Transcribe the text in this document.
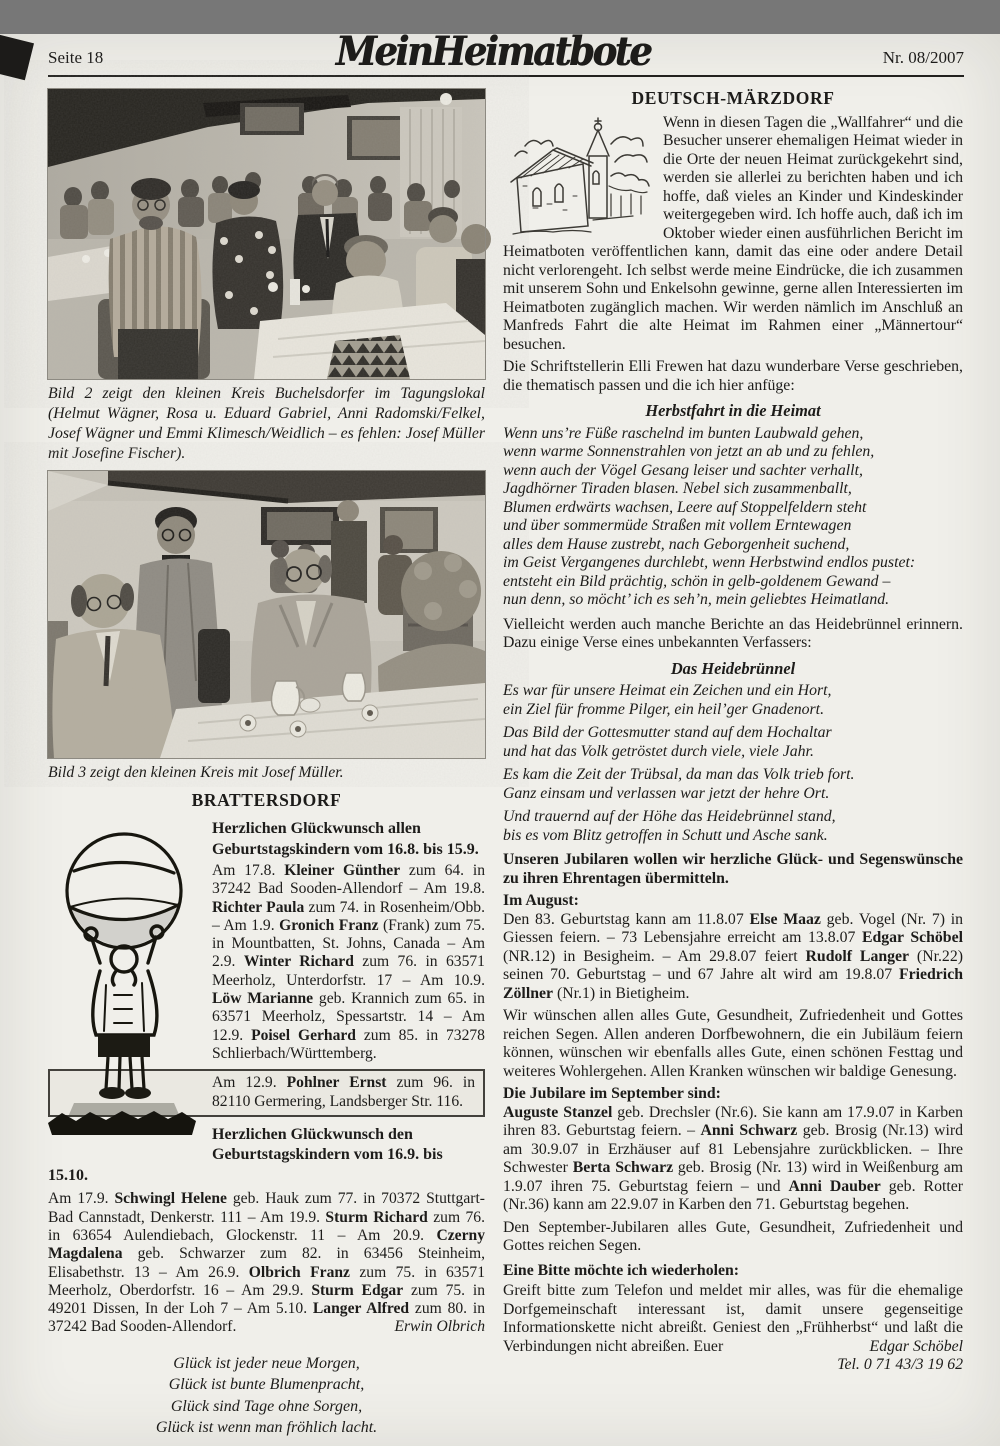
Seite 18	MeinHeimatbote	Nr. 08/2007

Bild 2 zeigt den kleinen Kreis Buchelsdorfer im Tagungslokal (Helmut Wägner, Rosa u. Eduard Gabriel, Anni Radomski/Felkel, Josef Wägner und Emmi Klimesch/Weidlich – es fehlen: Josef Müller mit Josefine Fischer).

Bild 3 zeigt den kleinen Kreis mit Josef Müller.

BRATTERSDORF

Herzlichen Glückwunsch allen Geburtstagskindern vom 16.8. bis 15.9.

Am 17.8. Kleiner Günther zum 64. in 37242 Bad Sooden-Allendorf – Am 19.8. Richter Paula zum 74. in Rosenheim/Obb. – Am 1.9. Gronich Franz (Frank) zum 75. in Mountbatten, St. Johns, Canada – Am 2.9. Winter Richard zum 76. in 63571 Meerholz, Unterdorfstr. 17 – Am 10.9. Löw Marianne geb. Krannich zum 65. in 63571 Meerholz, Spessartstr. 14 – Am 12.9. Poisel Gerhard zum 85. in 73278 Schlierbach/Württemberg.

Am 12.9. Pohlner Ernst zum 96. in 82110 Germering, Landsberger Str. 116.

Herzlichen Glückwunsch den Geburtstagskindern vom 16.9. bis 15.10.

Am 17.9. Schwingl Helene geb. Hauk zum 77. in 70372 Stuttgart-Bad Cannstadt, Denkerstr. 111 – Am 19.9. Sturm Richard zum 76. in 63654 Aulendiebach, Glockenstr. 11 – Am 20.9. Czerny Magdalena geb. Schwarzer zum 82. in 63456 Steinheim, Elisabethstr. 13 – Am 26.9. Olbrich Franz zum 75. in 63571 Meerholz, Oberdorfstr. 16 – Am 29.9. Sturm Edgar zum 75. in 49201 Dissen, In der Loh 7 – Am 5.10. Langer Alfred zum 80. in 37242 Bad Sooden-Allendorf.	Erwin Olbrich
Glück ist jeder neue Morgen,
Glück ist bunte Blumenpracht,
Glück sind Tage ohne Sorgen,
Glück ist wenn man fröhlich lacht.
DEUTSCH-MÄRZDORF

Wenn in diesen Tagen die „Wallfahrer“ und die Besucher unserer ehemaligen Heimat wieder in die Orte der neuen Heimat zurückgekehrt sind, werden sie allerlei zu berichten haben und ich hoffe, daß vieles an Kinder und Kindeskinder weitergegeben wird. Ich hoffe auch, daß ich im Oktober wieder einen ausführlichen Bericht im Heimatboten veröffentlichen kann, damit das eine oder andere Detail nicht verlorengeht. Ich selbst werde meine Eindrücke, die ich zusammen mit unserem Sohn und Enkelsohn gewinne, gerne allen Interessierten im Heimatboten zugänglich machen. Wir werden nämlich im Anschluß an Manfreds Fahrt die alte Heimat im Rahmen einer „Männertour“ besuchen.

Die Schriftstellerin Elli Frewen hat dazu wunderbare Verse geschrieben, die thematisch passen und die ich hier anfüge:

Herbstfahrt in die Heimat
Wenn uns’re Füße raschelnd im bunten Laubwald gehen,
wenn warme Sonnenstrahlen von jetzt an ab und zu fehlen,
wenn auch der Vögel Gesang leiser und sachter verhallt,
Jagdhörner Tiraden blasen. Nebel sich zusammenballt,
Blumen erdwärts wachsen, Leere auf Stoppelfeldern steht
und über sommermüde Straßen mit vollem Erntewagen
alles dem Hause zustrebt, nach Geborgenheit suchend,
im Geist Vergangenes durchlebt, wenn Herbstwind endlos pustet:
entsteht ein Bild prächtig, schön in gelb-goldenem Gewand –
nun denn, so möcht’ ich es seh’n, mein geliebtes Heimatland.

Vielleicht werden auch manche Berichte an das Heidebrünnel erinnern. Dazu einige Verse eines unbekannten Verfassers:

Das Heidebrünnel
Es war für unsere Heimat ein Zeichen und ein Hort,
ein Ziel für fromme Pilger, ein heil’ger Gnadenort.
Das Bild der Gottesmutter stand auf dem Hochaltar
und hat das Volk getröstet durch viele, viele Jahr.
Es kam die Zeit der Trübsal, da man das Volk trieb fort.
Ganz einsam und verlassen war jetzt der hehre Ort.
Und trauernd auf der Höhe das Heidebrünnel stand,
bis es vom Blitz getroffen in Schutt und Asche sank.

Unseren Jubilaren wollen wir herzliche Glück- und Segenswünsche zu ihren Ehrentagen übermitteln.

Im August:

Den 83. Geburtstag kann am 11.8.07 Else Maaz geb. Vogel (Nr. 7) in Giessen feiern. – 73 Lebensjahre erreicht am 13.8.07 Edgar Schöbel (NR.12) in Besigheim. – Am 29.8.07 feiert Rudolf Langer (Nr.22) seinen 70. Geburtstag – und 67 Jahre alt wird am 19.8.07 Friedrich Zöllner (Nr.1) in Bietigheim.

Wir wünschen allen alles Gute, Gesundheit, Zufriedenheit und Gottes reichen Segen. Allen anderen Dorfbewohnern, die ein Jubiläum feiern können, wünschen wir ebenfalls alles Gute, einen schönen Festtag und weiteres Wohlergehen. Allen Kranken wünschen wir baldige Genesung.

Die Jubilare im September sind:

Auguste Stanzel geb. Drechsler (Nr.6). Sie kann am 17.9.07 in Karben ihren 83. Geburtstag feiern. – Anni Schwarz geb. Brosig (Nr.13) wird am 30.9.07 in Erzhäuser auf 81 Lebensjahre zurückblicken. – Ihre Schwester Berta Schwarz geb. Brosig (Nr. 13) wird in Weißenburg am 1.9.07 ihren 75. Geburtstag feiern – und Anni Dauber geb. Rotter (Nr.36) kann am 22.9.07 in Karben den 71. Geburtstag begehen.

Den September-Jubilaren alles Gute, Gesundheit, Zufriedenheit und Gottes reichen Segen.

Eine Bitte möchte ich wiederholen:

Greift bitte zum Telefon und meldet mir alles, was für die ehemalige Dorfgemeinschaft interessant ist, damit unsere gegenseitige Informationskette nicht abreißt. Geniest den „Frühherbst“ und laßt die Verbindungen nicht abreißen. Euer	Edgar Schöbel
Tel. 0 71 43/3 19 62
